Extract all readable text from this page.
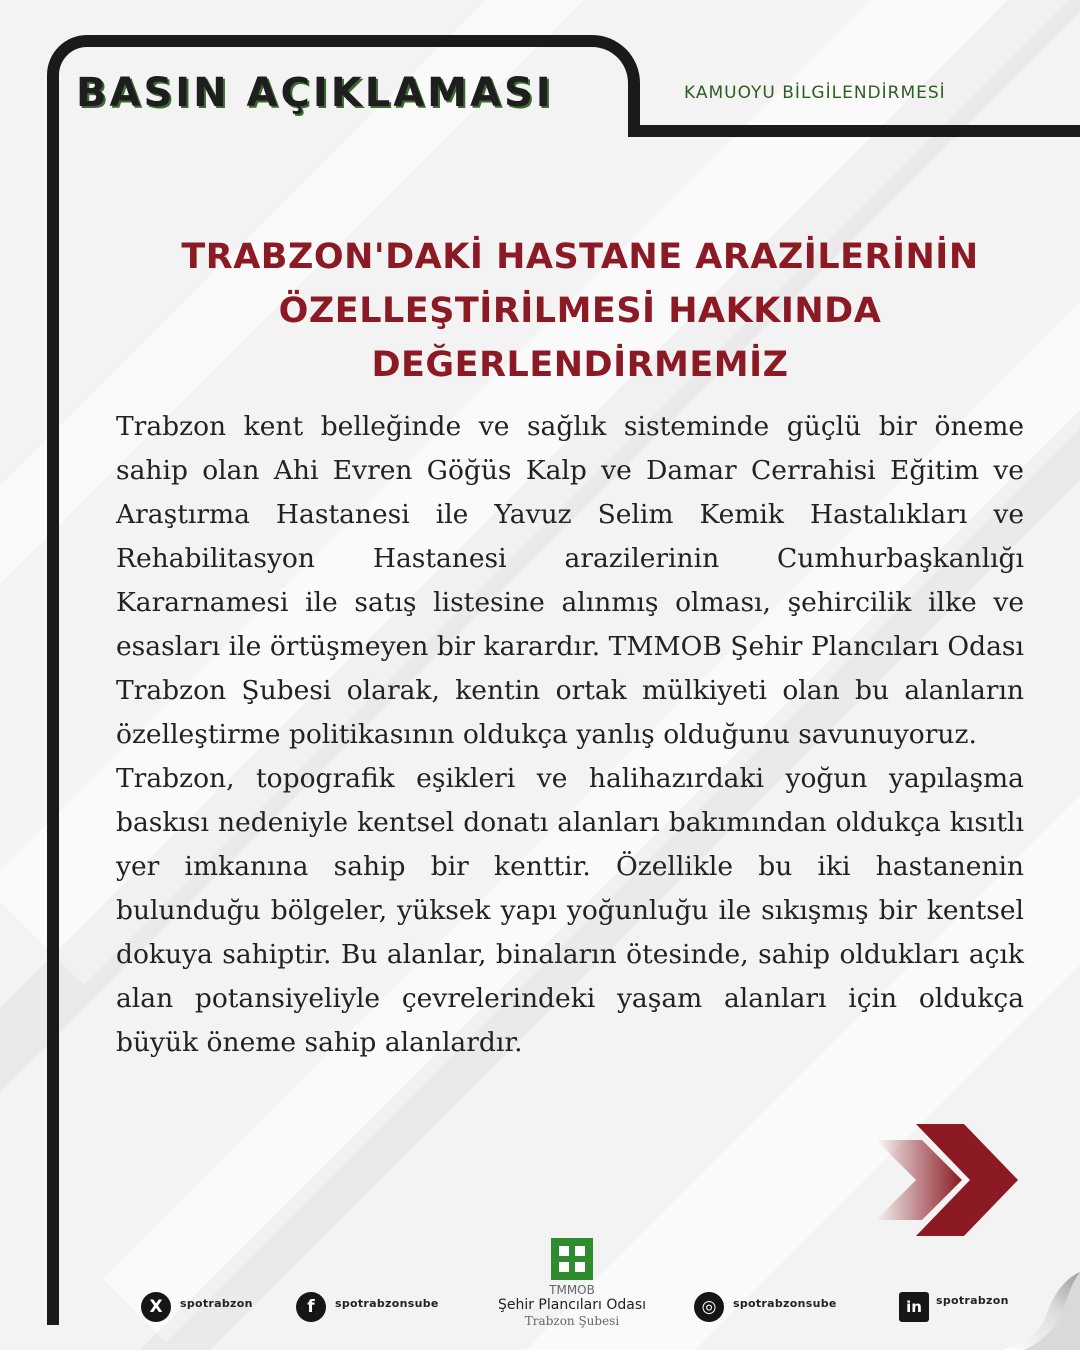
BASIN AÇIKLAMASI	KAMUOYU BİLGİLENDİRMESİ
TRABZON'DAKİ HASTANE ARAZİLERİNİN
ÖZELLEŞTİRİLMESİ HAKKINDA
DEĞERLENDİRMEMİZ

Trabzon kent belleğinde ve sağlık sisteminde güçlü bir öneme sahip olan Ahi Evren Göğüs Kalp ve Damar Cerrahisi Eğitim ve Araştırma Hastanesi ile Yavuz Selim Kemik Hastalıkları ve Rehabilitasyon Hastanesi arazilerinin Cumhurbaşkanlığı Kararnamesi ile satış listesine alınmış olması, şehircilik ilke ve esasları ile örtüşmeyen bir karardır. TMMOB Şehir Plancıları Odası Trabzon Şubesi olarak, kentin ortak mülkiyeti olan bu alanların özelleştirme politikasının oldukça yanlış olduğunu savunuyoruz.

Trabzon, topografik eşikleri ve halihazırdaki yoğun yapılaşma baskısı nedeniyle kentsel donatı alanları bakımından oldukça kısıtlı yer imkanına sahip bir kenttir. Özellikle bu iki hastanenin bulunduğu bölgeler, yüksek yapı yoğunluğu ile sıkışmış bir kentsel dokuya sahiptir. Bu alanlar, binaların ötesinde, sahip oldukları açık alan potansiyeliyle çevrelerindeki yaşam alanları için oldukça büyük öneme sahip alanlardır.

X	spotrabzon	f	spotrabzonsube
TMMOB
Şehir Plancıları Odası
Trabzon Şubesi
◎	spotrabzonsube	in	spotrabzon
